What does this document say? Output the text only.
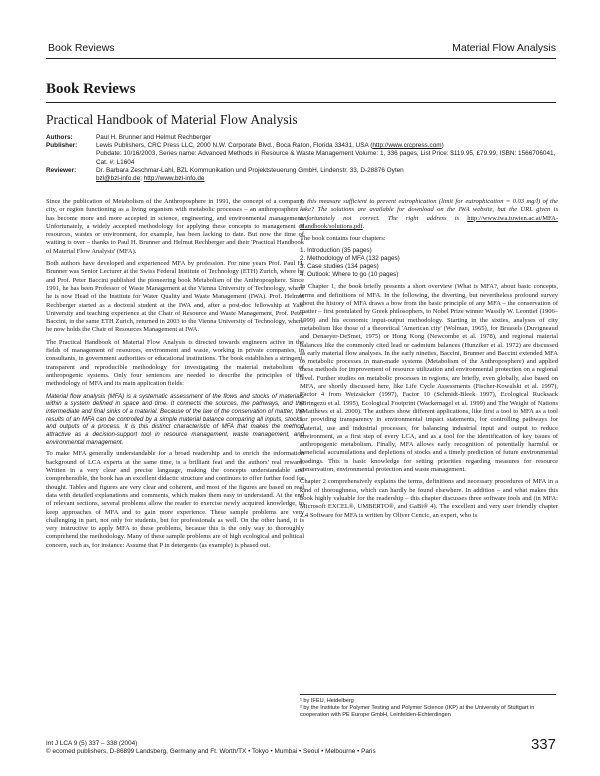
Book Reviews	Material Flow Analysis
Book Reviews
Practical Handbook of Material Flow Analysis
Authors:	Paul H. Brunner and Helmut Rechberger
Publisher:	Lewis Publishers, CRC Press LLC, 2000 N.W. Corporate Blvd., Boca Raton, Florida 33431, USA (http://www.crcpress.com)
Pubdate: 10/16/2003, Series name: Advanced Methods in Resource & Waste Management Volume: 1, 336 pages, List Price: $119.95, £79.99, ISBN: 1566706041, Cat. #: L1604
Reviewer:	Dr. Barbara Zeschmar-Lahl, BZL Kommunikation und Projektsteuerung GmbH, Lindenstr. 33, D-28876 Oyten
bzl@bzl-info.de; http://www.bzl-info.de

Since the publication of Metabolism of the Anthroposphere in 1991, the concept of a company, city, or region functioning as a living organism with metabolic processes – an anthroposphere – has become more and more accepted in science, engineering, and environmental management. Unfortunately, a widely accepted methodology for applying these concepts to management of resources, wastes or environment, for example, has been lacking to date. But now the time of waiting is over – thanks to Paul H. Brunner and Helmut Rechberger and their 'Practical Handbook of Material Flow Analysis' (MFA).

Both authors have developed and experienced MFA by profession. For nine years Prof. Paul H. Brunner was Senior Lecturer at the Swiss Federal Institute of Technology (ETH) Zurich, where he and Prof. Peter Baccini published the pioneering book Metabolism of the Anthroposphere. Since 1991, he has been Professor of Waste Management at the Vienna University of Technology, where he is now Head of the Institute for Water Quality and Waste Management (IWA). Prof. Helmut Rechberger started as a doctoral student at the IWA and, after a post-doc fellowship at Yale University and teaching experience at the Chair of Resource and Waste Management, Prof. Peter Baccini, in the same ETH Zurich, returned in 2003 to the Vienna University of Technology, where he now holds the Chair of Resources Management at IWA.

The Practical Handbook of Material Flow Analysis is directed towards engineers active in the fields of management of resources, environment and waste, working in private companies, in consultants, in government authorities or educational institutions. The book establishes a stringent, transparent and reproducible methodology for investigating the material metabolism of anthropogenic systems. Only four sentences are needed to describe the principles of the methodology of MFA and its main application fields:

Material flow analysis (MFA) is a systematic assessment of the flows and stocks of materials within a system defined in space and time. It connects the sources, the pathways, and the intermediate and final sinks of a material. Because of the law of the conservation of matter, the results of an MFA can be controlled by a simple material balance comparing all inputs, stocks, and outputs of a process. It is this distinct characteristic of MFA that makes the method attractive as a decision-support tool in resource management, waste management, and environmental management.

To make MFA generally understandable for a broad readership and to enrich the information background of LCA experts at the same time, is a brilliant feat and the authors' real reward. Written in a very clear and precise language, making the concepts understandable and comprehensible, the book has an excellent didactic structure and continues to offer further food for thought. Tables and figures are very clear and coherent, and most of the figures are based on real data with detailed explanations and comments, which makes them easy to understand. At the end of relevant sections, several problems allow the reader to exercise newly acquired knowledge, to keep approaches of MFA and to gain more experience. These sample problems are very challenging in part, not only for students, but for professionals as well. On the other hand, it is very instructive to apply MFA to these problems, because this is the only way to thoroughly comprehend the methodology. Many of these sample problems are of high ecological and political concern, such as, for instance: Assume that P in detergents (as example) is phased out.

Is this measure sufficient to prevent eutrophication (limit for eutrophication = 0.03 mg/l) of the lake? The solutions are available for download on the IWA website, but the URL given is unfortunately not correct. The right address is http://www.iwa.tuwien.ac.at/MFA-Handbook/solutions.pdf.

The book contains four chapters:

1. Introduction (35 pages)
2. Methodology of MFA (132 pages)
3. Case studies (134 pages)
4. Outlook: Where to go (10 pages)

In Chapter 1, the book briefly presents a short overview (What is MFA?, about basic concepts, terms and definitions of MFA. In the following, the diverting, but nevertheless profound survey about the history of MFA draws a bow from the basic principle of any MFA – the conservation of matter – first postulated by Greek philosophers, to Nobel Prize winner Wassily W. Leontief (1906–1999) and his economic input-output methodology. Starting in the sixties, analyses of city metabolism like those of a theoretical 'American city' (Wolman, 1965), for Brussels (Duvigneaud and Denaeyer-DeSmet, 1975) or Hong Kong (Newcombe et al. 1978), and regional material balances like the commonly cited lead or cadmium balances (Hunziker et al. 1972) are discussed as early material flow analyses. In the early nineties, Baccini, Brunner and Baccini extended MFA to metabolic processes in man-made systems (Metabolism of the Anthroposphere) and applied these methods for improvement of resource utilization and environmental protection on a regional level. Further studies on metabolic processes in regions, are briefly, even globally, also based on MFA, are shortly discussed here, like Life Cycle Assessments (Fischer-Kowalski et al. 1997), Factor 4 from Weizsäcker (1997), Factor 10 (Schmidt-Bleek 1997), Ecological Rucksack (Bringezu et al. 1995), Ecological Footprint (Wackernagel et al. 1999) and The Weight of Nations (Matthews et al. 2000). The authors show different applications, like first a tool to MFA as a tool for providing transparency in environmental impact statements, for controlling pathways for material, use and industrial processes, for balancing industrial input and output to reduce environment, as a first step of every LCA, and as a tool for the identification of key issues of anthropogenic metabolism. Finally, MFA allows early recognition of potentially harmful or beneficial accumulations and depletions of stocks and a timely prediction of future environmental loadings. This is basic knowledge for setting priorities regarding measures for resource conservation, environmental protection and waste management.

Chapter 2 comprehensively explains the terms, definitions and necessary procedures of MFA in a kind of thoroughness, which can hardly be found elsewhere. In addition – and what makes this book highly valuable for the readership – this chapter discusses three software tools and (in MFA: Microsoft EXCEL®, UMBERTO®, and GaBi® 4). The excellent and very user friendly chapter 2.4 Software for MFA is written by Oliver Cencic, an expert, who is

¹ by IFEU, Heidelberg
² by the Institute for Polymer Testing and Polymer Science (IKP) at the University of Stuttgart in cooperation with PE Europe GmbH, Leinfelden-Echterdingen
Int J LCA 9 (5) 337 – 338 (2004)
© ecomed publishers, D-86899 Landsberg, Germany and Ft. Worth/TX • Tokyo • Mumbai • Seoul • Melbourne • Paris	337
